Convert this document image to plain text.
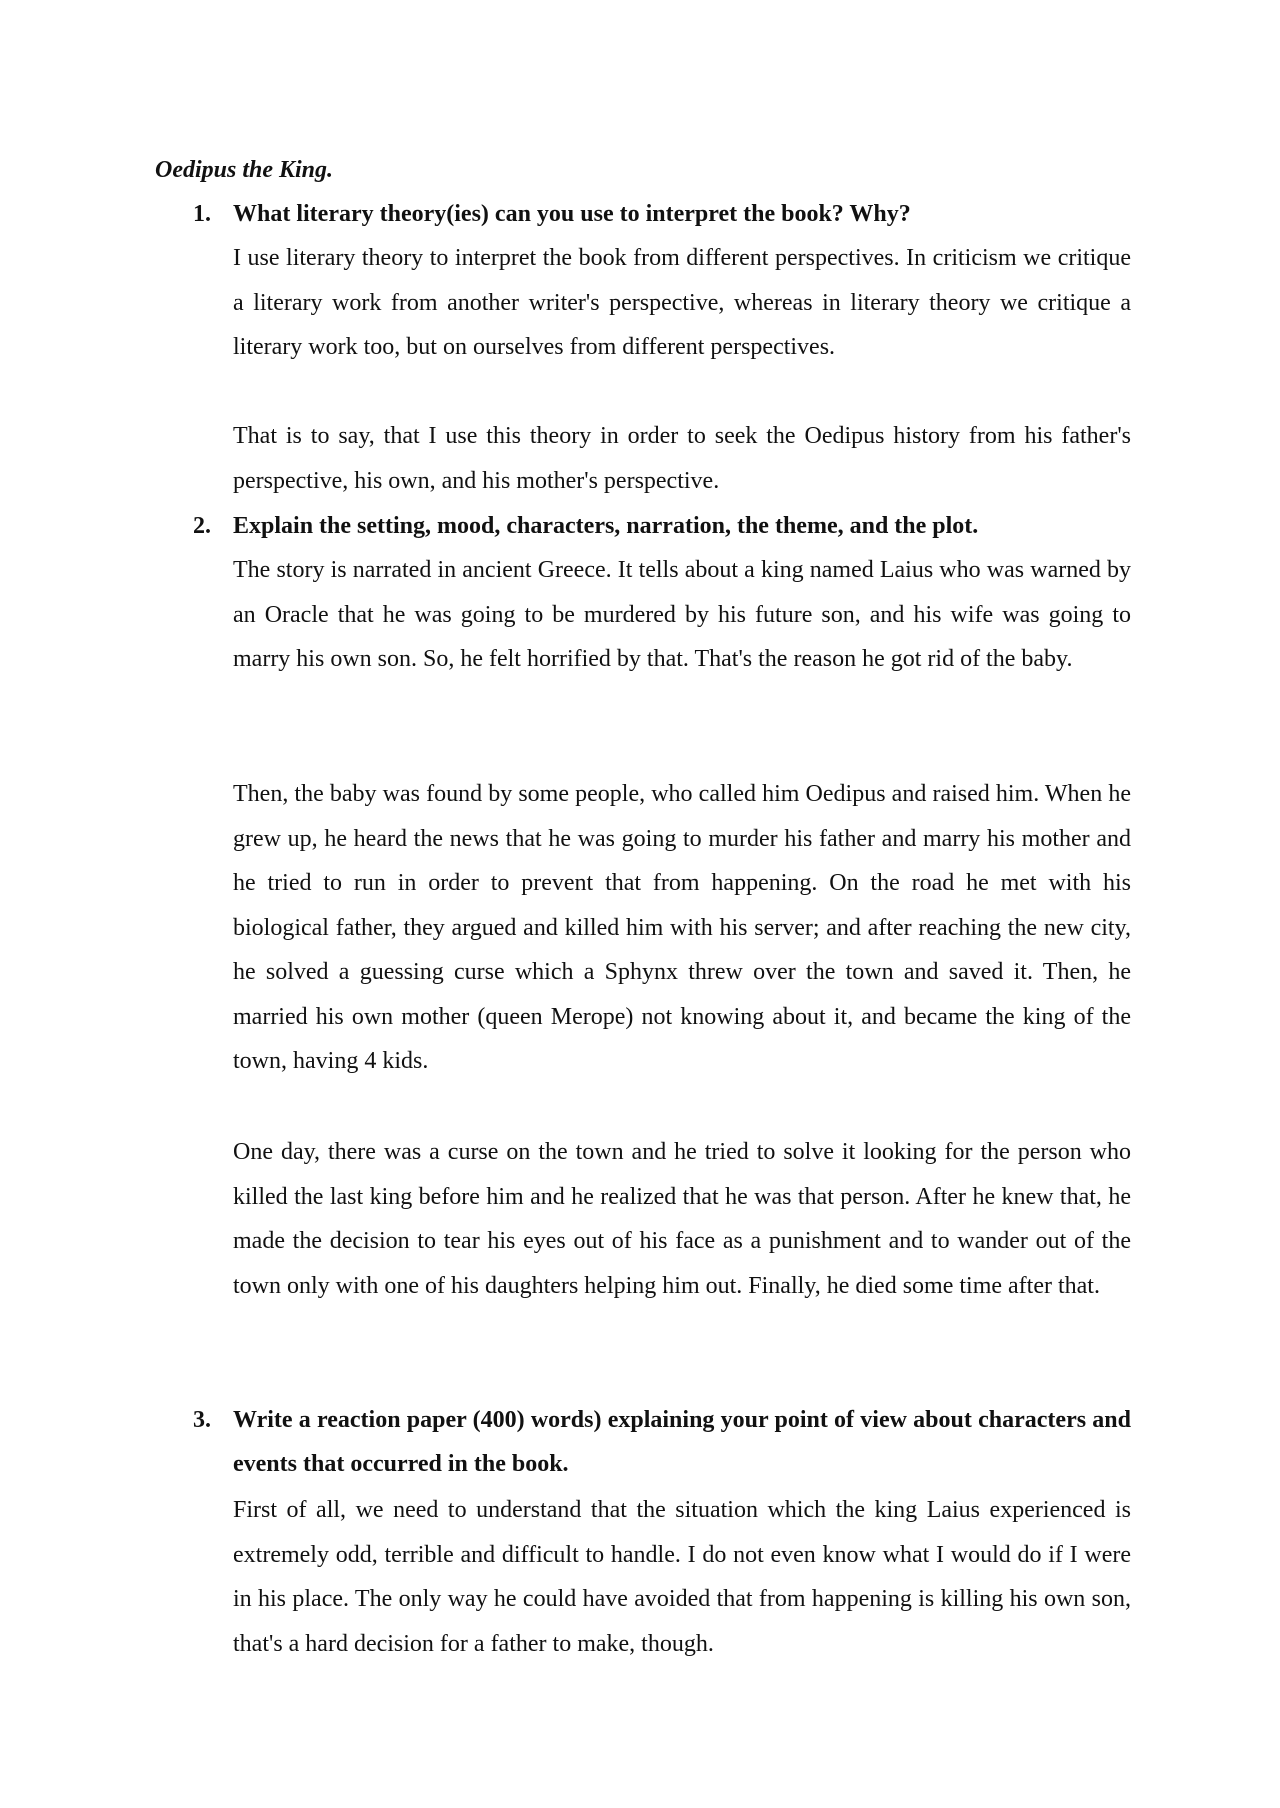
Oedipus the King.
1. What literary theory(ies) can you use to interpret the book? Why?

I use literary theory to interpret the book from different perspectives. In criticism we critique a literary work from another writer's perspective, whereas in literary theory we critique a literary work too, but on ourselves from different perspectives.

That is to say, that I use this theory in order to seek the Oedipus history from his father's perspective, his own, and his mother's perspective.

2. Explain the setting, mood, characters, narration, the theme, and the plot.

The story is narrated in ancient Greece. It tells about a king named Laius who was warned by an Oracle that he was going to be murdered by his future son, and his wife was going to marry his own son. So, he felt horrified by that. That's the reason he got rid of the baby.

Then, the baby was found by some people, who called him Oedipus and raised him. When he grew up, he heard the news that he was going to murder his father and marry his mother and he tried to run in order to prevent that from happening. On the road he met with his biological father, they argued and killed him with his server; and after reaching the new city, he solved a guessing curse which a Sphynx threw over the town and saved it. Then, he married his own mother (queen Merope) not knowing about it, and became the king of the town, having 4 kids.

One day, there was a curse on the town and he tried to solve it looking for the person who killed the last king before him and he realized that he was that person. After he knew that, he made the decision to tear his eyes out of his face as a punishment and to wander out of the town only with one of his daughters helping him out. Finally, he died some time after that.

3. Write a reaction paper (400) words) explaining your point of view about characters and events that occurred in the book.

First of all, we need to understand that the situation which the king Laius experienced is extremely odd, terrible and difficult to handle. I do not even know what I would do if I were in his place. The only way he could have avoided that from happening is killing his own son, that's a hard decision for a father to make, though.
